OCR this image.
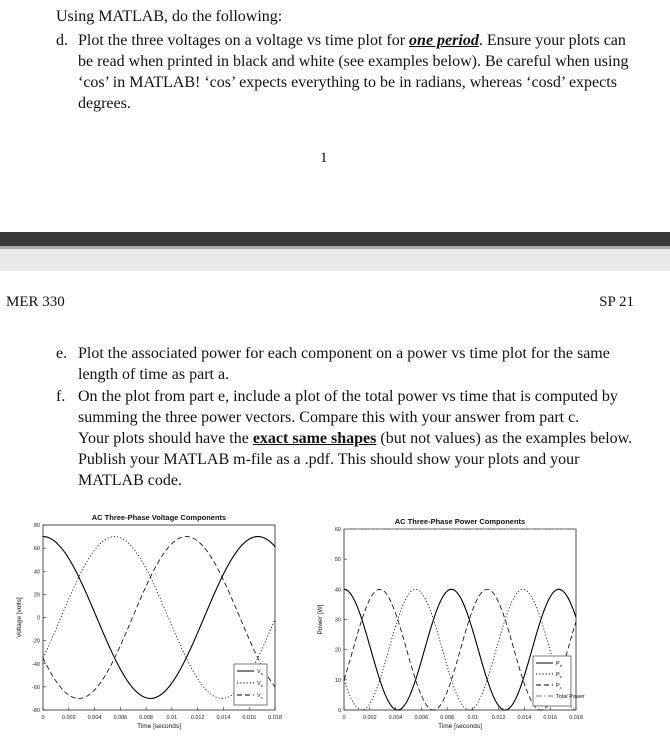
Using MATLAB, do the following:
d. Plot the three voltages on a voltage vs time plot for one period. Ensure your plots can
be read when printed in black and white (see examples below). Be careful when using
‘cos’ in MATLAB! ‘cos’ expects everything to be in radians, whereas ‘cosd’ expects
degrees.
1
MER 330	SP 21
e. Plot the associated power for each component on a power vs time plot for the same
length of time as part a.
f. On the plot from part e, include a plot of the total power vs time that is computed by
summing the three power vectors. Compare this with your answer from part c.
Your plots should have the exact same shapes (but not values) as the examples below.
Publish your MATLAB m-file as a .pdf. This should show your plots and your
MATLAB code.
AC Three-Phase Voltage Components
0	0.002 0.004 0.006 0.008 0.01 0.012 0.014 0.016 0.018
-80
-60
-40
-20
0
20
40
60
80
Time [seconds]
Voltage [volts]
$V_a$
$V_b$
$V_c$
AC Three-Phase Power Components
0	0.002 0.004 0.006 0.008 0.01 0.012 0.014 0.016 0.018
0
10
20
30
40
50
60
Time [seconds]
Power [W]
$P_a$
$P_b$
$P_c$
Total Power
